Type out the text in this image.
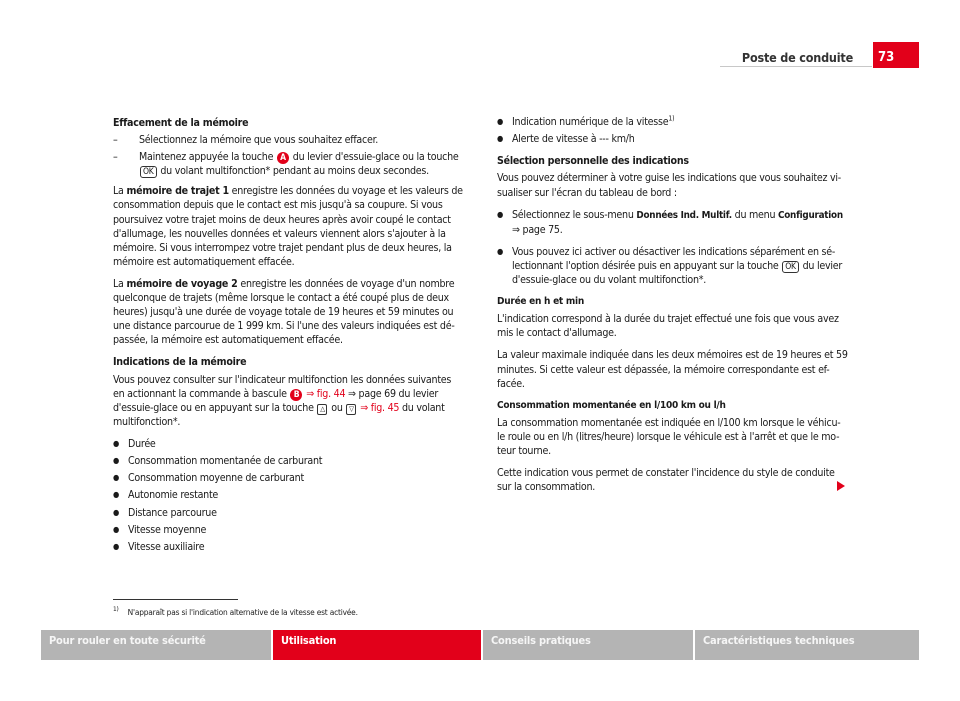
Poste de conduite	73
Effacement de la mémoire
–	Sélectionnez la mémoire que vous souhaitez effacer.
–	Maintenez appuyée la touche A du levier d'essuie-glace ou la touche OK du volant multifonction* pendant au moins deux secondes.
La mémoire de trajet 1 enregistre les données du voyage et les valeurs de consommation depuis que le contact est mis jusqu'à sa coupure. Si vous poursuivez votre trajet moins de deux heures après avoir coupé le contact d'allumage, les nouvelles données et valeurs viennent alors s'ajouter à la mémoire. Si vous interrompez votre trajet pendant plus de deux heures, la mémoire est automatiquement effacée.
La mémoire de voyage 2 enregistre les données de voyage d'un nombre quelconque de trajets (même lorsque le contact a été coupé plus de deux heures) jusqu'à une durée de voyage totale de 19 heures et 59 minutes ou une distance parcourue de 1 999 km. Si l'une des valeurs indiquées est dé- passée, la mémoire est automatiquement effacée.
Indications de la mémoire
Vous pouvez consulter sur l'indicateur multifonction les données suivantes en actionnant la commande à bascule B ⇒ fig. 44 ⇒ page 69 du levier d'essuie-glace ou en appuyant sur la touche △ ou ▽ ⇒ fig. 45 du volant multifonction*.
● Durée
● Consommation momentanée de carburant
● Consommation moyenne de carburant
● Autonomie restante
● Distance parcourue
● Vitesse moyenne
● Vitesse auxiliaire
● Indication numérique de la vitesse$^{1)}$
● Alerte de vitesse à --- km/h
Sélection personnelle des indications
Vous pouvez déterminer à votre guise les indications que vous souhaitez vi- sualiser sur l'écran du tableau de bord :
● Sélectionnez le sous-menu Données Ind. Multif. du menu Configuration ⇒ page 75.
● Vous pouvez ici activer ou désactiver les indications séparément en sé- lectionnant l'option désirée puis en appuyant sur la touche OK du levier d'essuie-glace ou du volant multifonction*.
Durée en h et min
L'indication correspond à la durée du trajet effectué une fois que vous avez mis le contact d'allumage.
La valeur maximale indiquée dans les deux mémoires est de 19 heures et 59 minutes. Si cette valeur est dépassée, la mémoire correspondante est ef- facée.
Consommation momentanée en l/100 km ou l/h
La consommation momentanée est indiquée en l/100 km lorsque le véhicu- le roule ou en l/h (litres/heure) lorsque le véhicule est à l'arrêt et que le mo- teur tourne.
Cette indication vous permet de constater l'incidence du style de conduite sur la consommation.
$^{1)}$ N'apparaît pas si l'indication alternative de la vitesse est activée.
Pour rouler en toute sécurité	Utilisation	Conseils pratiques	Caractéristiques techniques
